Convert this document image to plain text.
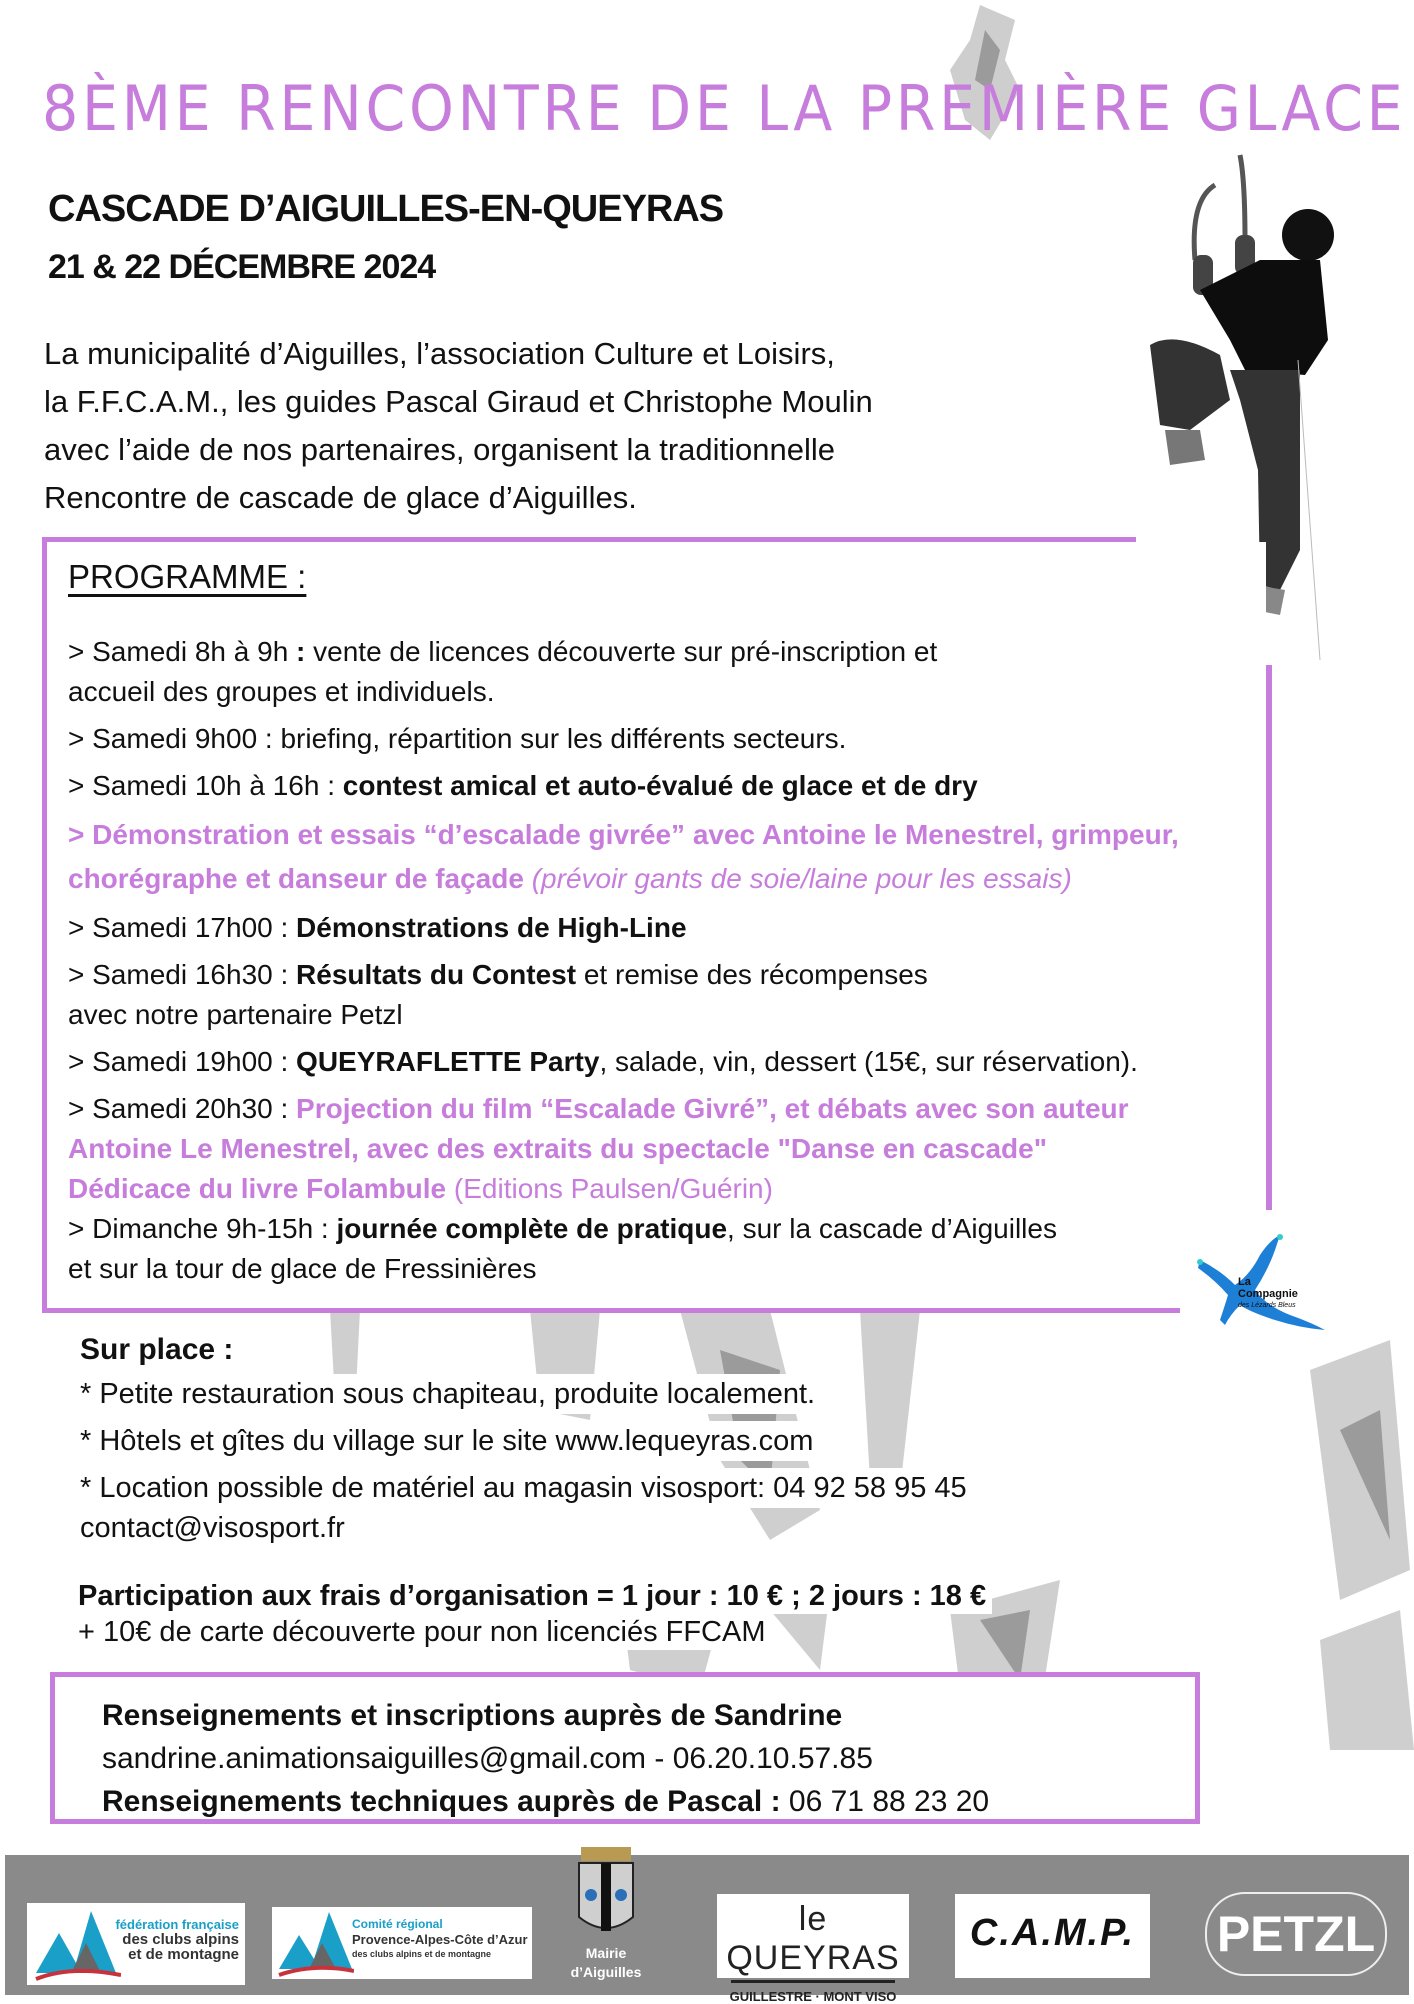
8ÈME RENCONTRE DE LA PREMIÈRE GLACE
CASCADE D’AIGUILLES-EN-QUEYRAS
21 & 22 DÉCEMBRE 2024

La municipalité d’Aiguilles, l’association Culture et Loisirs,

la F.F.C.A.M., les guides Pascal Giraud et Christophe Moulin

avec l’aide de nos partenaires, organisent la traditionnelle

Rencontre de cascade de glace d’Aiguilles.

PROGRAMME :
> Samedi 8h à 9h : vente de licences découverte sur pré-inscription et
accueil des groupes et individuels.
> Samedi 9h00 : briefing, répartition sur les différents secteurs.
> Samedi 10h à 16h : contest amical et auto-évalué de glace et de dry
> Démonstration et essais “d’escalade givrée” avec Antoine le Menestrel, grimpeur,
chorégraphe et danseur de façade (prévoir gants de soie/laine pour les essais)
> Samedi 17h00 : Démonstrations de High-Line
> Samedi 16h30 : Résultats du Contest et remise des récompenses
avec notre partenaire Petzl
> Samedi 19h00 : QUEYRAFLETTE Party, salade, vin, dessert (15€, sur réservation).
> Samedi 20h30 : Projection du film “Escalade Givré”, et débats avec son auteur
Antoine Le Menestrel, avec des extraits du spectacle "Danse en cascade"
Dédicace du livre Folambule (Editions Paulsen/Guérin)
> Dimanche 9h-15h : journée complète de pratique, sur la cascade d’Aiguilles
et sur la tour de glace de Fressinières	La
Compagnie
des Lézards Bleus
Sur place :
* Petite restauration sous chapiteau, produite localement.
* Hôtels et gîtes du village sur le site www.lequeyras.com
* Location possible de matériel au magasin visosport: 04 92 58 95 45
contact@visosport.fr
Participation aux frais d’organisation = 1 jour : 10 € ; 2 jours : 18 €
+ 10€ de carte découverte pour non licenciés FFCAM
Renseignements et inscriptions auprès de Sandrine
sandrine.animationsaiguilles@gmail.com - 06.20.10.57.85
Renseignements techniques auprès de Pascal : 06 71 88 23 20
fédération française
des clubs alpins
et de montagne
Comité régional
Provence-Alpes-Côte d’Azur
des clubs alpins et de montagne	Mairie
d’Aiguilles
le QUEYRAS
GUILLESTRE · MONT VISO
C.A.M.P. PETZL
